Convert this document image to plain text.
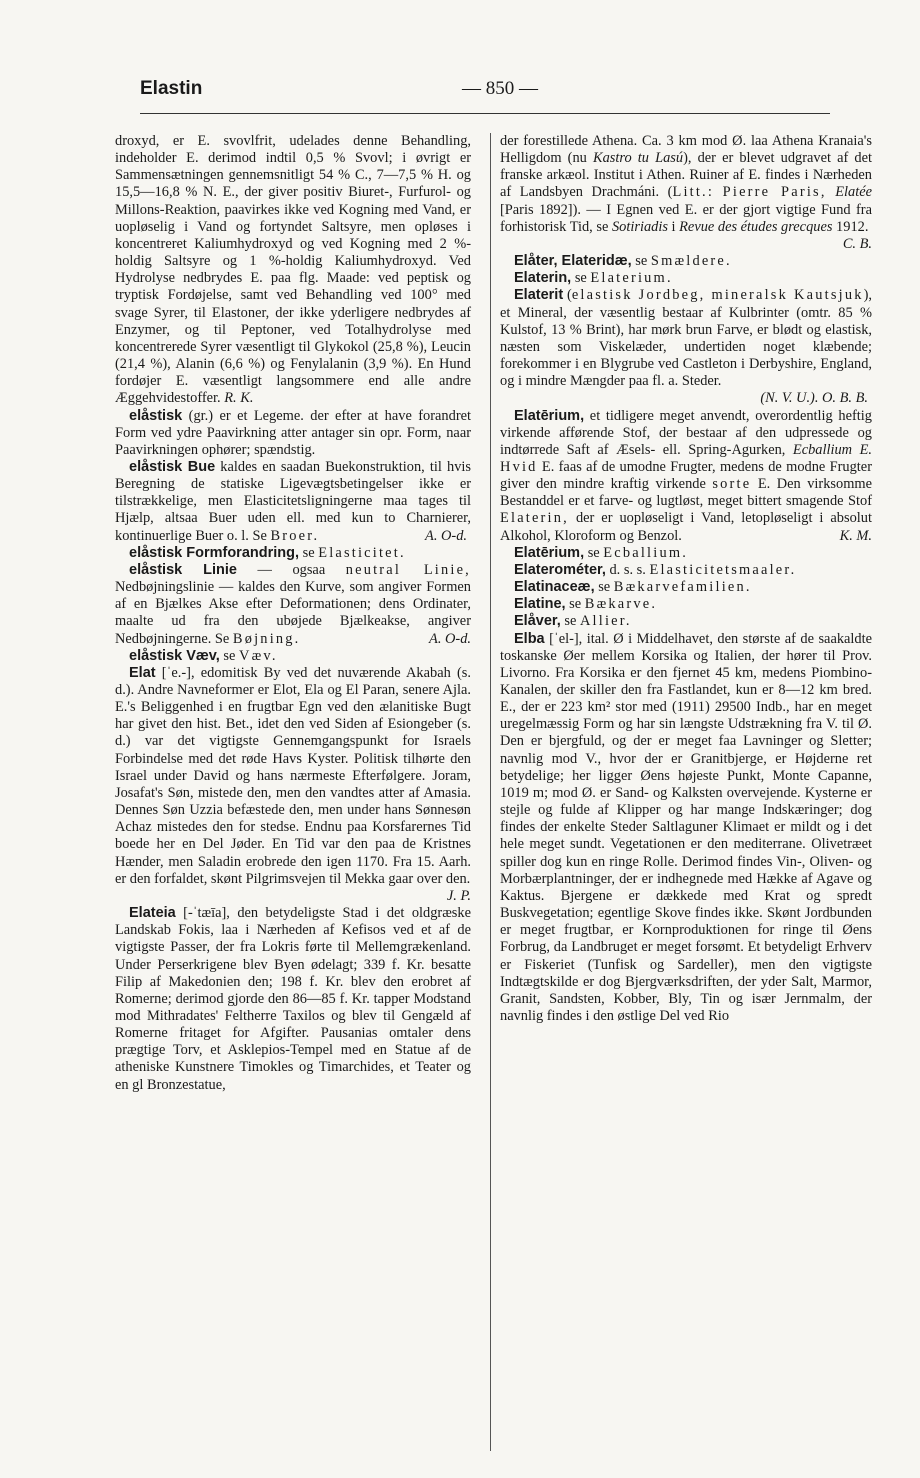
Elastin	— 850 —

droxyd, er E. svovlfrit, udelades denne Behandling, indeholder E. derimod indtil 0,5 % Svovl; i øvrigt er Sammensætningen gennemsnitligt 54 % C., 7—7,5 % H. og 15,5—16,8 % N. E., der giver positiv Biuret-, Furfurol- og Millons-Reaktion, paavirkes ikke ved Kogning med Vand, er uopløselig i Vand og fortyndet Saltsyre, men opløses i koncentreret Kaliumhydroxyd og ved Kogning med 2 %-holdig Saltsyre og 1 %-holdig Kaliumhydroxyd. Ved Hydrolyse nedbrydes E. paa flg. Maade: ved peptisk og tryptisk Fordøjelse, samt ved Behandling ved 100° med svage Syrer, til Elastoner, der ikke yderligere nedbrydes af Enzymer, og til Peptoner, ved Totalhydrolyse med koncentrerede Syrer væsentligt til Glykokol (25,8 %), Leucin (21,4 %), Alanin (6,6 %) og Fenylalanin (3,9 %). En Hund fordøjer E. væsentligt langsommere end alle andre Æggehvidestoffer. R. K.

elåstisk (gr.) er et Legeme. der efter at have forandret Form ved ydre Paavirkning atter antager sin opr. Form, naar Paavirkningen ophører; spændstig.

elåstisk Bue kaldes en saadan Buekonstruktion, til hvis Beregning de statiske Ligevægtsbetingelser ikke er tilstrækkelige, men Elasticitetsligningerne maa tages til Hjælp, altsaa Buer uden ell. med kun to Charnierer, kontinuerlige Buer o. l. Se Broer.	A. O-d.

elåstisk Formforandring, se Elasticitet.

elåstisk Linie — ogsaa neutral Linie, Nedbøjningslinie — kaldes den Kurve, som angiver Formen af en Bjælkes Akse efter Deformationen; dens Ordinater, maalte ud fra den ubøjede Bjælkeakse, angiver Nedbøjningerne. Se Bøjning.	A. O-d.

elåstisk Væv, se Væv.

Elat [ˈe.-], edomitisk By ved det nuværende Akabah (s. d.). Andre Navneformer er Elot, Ela og El Paran, senere Ajla. E.'s Beliggenhed i en frugtbar Egn ved den ælanitiske Bugt har givet den hist. Bet., idet den ved Siden af Esiongeber (s. d.) var det vigtigste Gennemgangspunkt for Israels Forbindelse med det røde Havs Kyster. Politisk tilhørte den Israel under David og hans nærmeste Efterfølgere. Joram, Josafat's Søn, mistede den, men den vandtes atter af Amasia. Dennes Søn Uzzia befæstede den, men under hans Sønnesøn Achaz mistedes den for stedse. Endnu paa Korsfarernes Tid boede her en Del Jøder. En Tid var den paa de Kristnes Hænder, men Saladin erobrede den igen 1170. Fra 15. Aarh. er den forfaldet, skønt Pilgrimsvejen til Mekka gaar over den.
J. P.

Elateia [-ˈtæīa], den betydeligste Stad i det oldgræske Landskab Fokis, laa i Nærheden af Kefisos ved et af de vigtigste Passer, der fra Lokris førte til Mellemgrækenland. Under Perserkrigene blev Byen ødelagt; 339 f. Kr. besatte Filip af Makedonien den; 198 f. Kr. blev den erobret af Romerne; derimod gjorde den 86—85 f. Kr. tapper Modstand mod Mithradates' Feltherre Taxilos og blev til Gengæld af Romerne fritaget for Afgifter. Pausanias omtaler dens prægtige Torv, et Asklepios-Tempel med en Statue af de atheniske Kunstnere Timokles og Timarchides, et Teater og en gl Bronzestatue,

der forestillede Athena. Ca. 3 km mod Ø. laa Athena Kranaia's Helligdom (nu Kastro tu Lasú), der er blevet udgravet af det franske arkæol. Institut i Athen. Ruiner af E. findes i Nærheden af Landsbyen Drachmáni. (Litt.: Pierre Paris, Elatée [Paris 1892]). — I Egnen ved E. er der gjort vigtige Fund fra forhistorisk Tid, se Sotiriadis i Revue des études grecques 1912.
C. B.

Elåter, Elateridæ, se Smældere.

Elaterin, se Elaterium.

Elaterit (elastisk Jordbeg, mineralsk Kautsjuk), et Mineral, der væsentlig bestaar af Kulbrinter (omtr. 85 % Kulstof, 13 % Brint), har mørk brun Farve, er blødt og elastisk, næsten som Viskelæder, undertiden noget klæbende; forekommer i en Blygrube ved Castleton i Derbyshire, England, og i mindre Mængder paa fl. a. Steder.
(N. V. U.). O. B. B.

Elatērium, et tidligere meget anvendt, overordentlig heftig virkende afførende Stof, der bestaar af den udpressede og indtørrede Saft af Æsels- ell. Spring-Agurken, Ecballium E. Hvid E. faas af de umodne Frugter, medens de modne Frugter giver den mindre kraftig virkende sorte E. Den virksomme Bestanddel er et farve- og lugtløst, meget bittert smagende Stof Elaterin, der er uopløseligt i Vand, letopløseligt i absolut Alkohol, Kloroform og Benzol.	K. M.

Elatērium, se Ecballium.

Elaterométer, d. s. s. Elasticitetsmaaler.

Elatinaceæ, se Bækarvefamilien.

Elatine, se Bækarve.

Elåver, se Allier.

Elba [ˈel-], ital. Ø i Middelhavet, den største af de saakaldte toskanske Øer mellem Korsika og Italien, der hører til Prov. Livorno. Fra Korsika er den fjernet 45 km, medens Piombino-Kanalen, der skiller den fra Fastlandet, kun er 8—12 km bred. E., der er 223 km² stor med (1911) 29500 Indb., har en meget uregelmæssig Form og har sin længste Udstrækning fra V. til Ø. Den er bjergfuld, og der er meget faa Lavninger og Sletter; navnlig mod V., hvor der er Granitbjerge, er Højderne ret betydelige; her ligger Øens højeste Punkt, Monte Capanne, 1019 m; mod Ø. er Sand- og Kalksten overvejende. Kysterne er stejle og fulde af Klipper og har mange Indskæringer; dog findes der enkelte Steder Saltlaguner Klimaet er mildt og i det hele meget sundt. Vegetationen er den mediterrane. Olivetræet spiller dog kun en ringe Rolle. Derimod findes Vin-, Oliven- og Morbærplantninger, der er indhegnede med Hække af Agave og Kaktus. Bjergene er dækkede med Krat og spredt Buskvegetation; egentlige Skove findes ikke. Skønt Jordbunden er meget frugtbar, er Kornproduktionen for ringe til Øens Forbrug, da Landbruget er meget forsømt. Et betydeligt Erhverv er Fiskeriet (Tunfisk og Sardeller), men den vigtigste Indtægtskilde er dog Bjergværksdriften, der yder Salt, Marmor, Granit, Sandsten, Kobber, Bly, Tin og især Jernmalm, der navnlig findes i den østlige Del ved Rio
